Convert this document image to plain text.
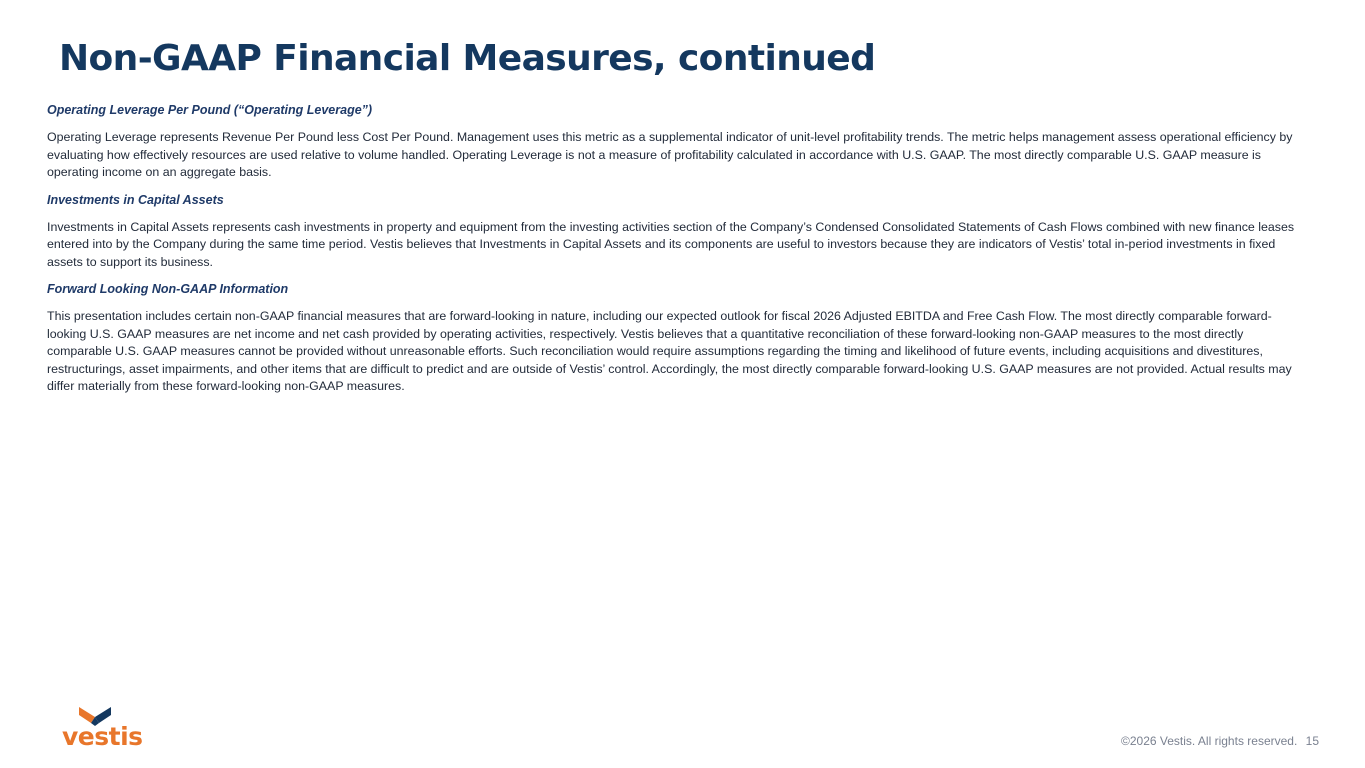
Non-GAAP Financial Measures, continued

Operating Leverage Per Pound (“Operating Leverage”)

Operating Leverage represents Revenue Per Pound less Cost Per Pound. Management uses this metric as a supplemental indicator of unit-level profitability trends. The metric helps management assess operational efficiency by evaluating how effectively resources are used relative to volume handled. Operating Leverage is not a measure of profitability calculated in accordance with U.S. GAAP. The most directly comparable U.S. GAAP measure is operating income on an aggregate basis.

Investments in Capital Assets

Investments in Capital Assets represents cash investments in property and equipment from the investing activities section of the Company’s Condensed Consolidated Statements of Cash Flows combined with new finance leases entered into by the Company during the same time period. Vestis believes that Investments in Capital Assets and its components are useful to investors because they are indicators of Vestis’ total in-period investments in fixed assets to support its business.

Forward Looking Non-GAAP Information

This presentation includes certain non-GAAP financial measures that are forward-looking in nature, including our expected outlook for fiscal 2026 Adjusted EBITDA and Free Cash Flow. The most directly comparable forward-looking U.S. GAAP measures are net income and net cash provided by operating activities, respectively. Vestis believes that a quantitative reconciliation of these forward-looking non-GAAP measures to the most directly comparable U.S. GAAP measures cannot be provided without unreasonable efforts. Such reconciliation would require assumptions regarding the timing and likelihood of future events, including acquisitions and divestitures, restructurings, asset impairments, and other items that are difficult to predict and are outside of Vestis’ control. Accordingly, the most directly comparable forward-looking U.S. GAAP measures are not provided. Actual results may differ materially from these forward-looking non-GAAP measures.

vestis	©2026 Vestis. All rights reserved. 15
